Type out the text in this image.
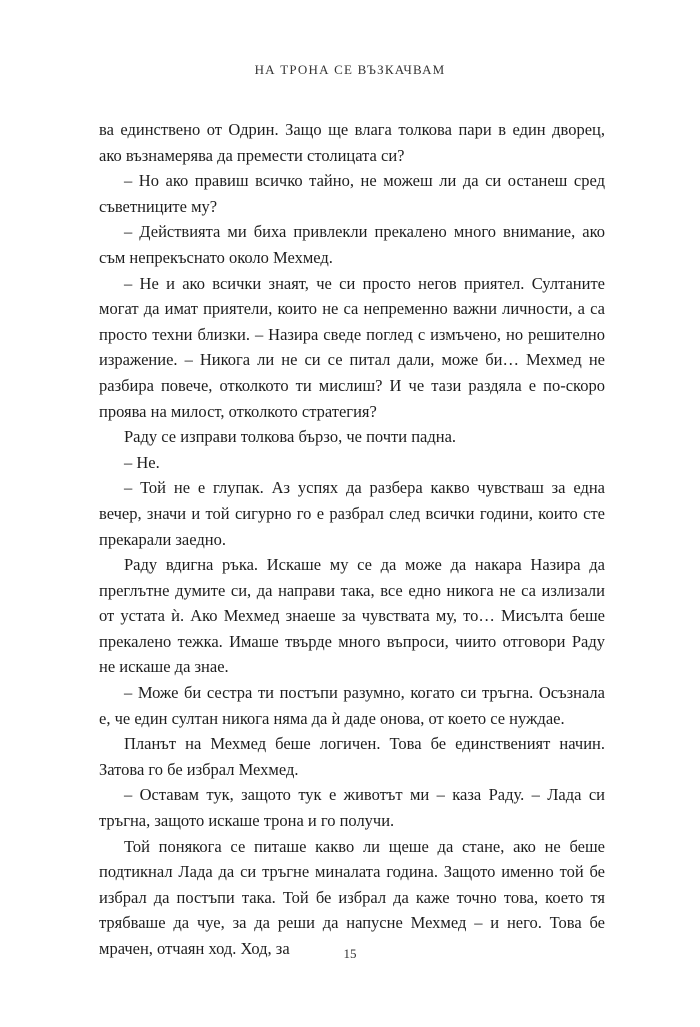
НА ТРОНА СЕ ВЪЗКАЧВАМ

ва единствено от Одрин. Защо ще влага толкова пари в един дворец, ако възнамерява да премести столицата си?

– Но ако правиш всичко тайно, не можеш ли да си останеш сред съветниците му?

– Действията ми биха привлекли прекалено много внимание, ако съм непрекъснато около Мехмед.

– Не и ако всички знаят, че си просто негов приятел. Султаните могат да имат приятели, които не са непременно важни личности, а са просто техни близки. – Назира сведе поглед с измъчено, но решително изражение. – Никога ли не си се питал дали, може би… Мехмед не разбира повече, отколкото ти мислиш? И че тази раздяла е по-скоро проява на милост, отколкото стратегия?

Раду се изправи толкова бързо, че почти падна.

– Не.

– Той не е глупак. Аз успях да разбера какво чувстваш за една вечер, значи и той сигурно го е разбрал след всички години, които сте прекарали заедно.

Раду вдигна ръка. Искаше му се да може да накара Назира да преглътне думите си, да направи така, все едно никога не са излизали от устата ѝ. Ако Мехмед знаеше за чувствата му, то… Мисълта беше прекалено тежка. Имаше твърде много въпроси, чиито отговори Раду не искаше да знае.

– Може би сестра ти постъпи разумно, когато си тръгна. Осъзнала е, че един султан никога няма да ѝ даде онова, от което се нуждае.

Планът на Мехмед беше логичен. Това бе единственият начин. Затова го бе избрал Мехмед.

– Оставам тук, защото тук е животът ми – каза Раду. – Лада си тръгна, защото искаше трона и го получи.

Той понякога се питаше какво ли щеше да стане, ако не беше подтикнал Лада да си тръгне миналата година. Защото именно той бе избрал да постъпи така. Той бе избрал да каже точно това, което тя трябваше да чуе, за да реши да напусне Мехмед – и него. Това бе мрачен, отчаян ход. Ход, за	15
